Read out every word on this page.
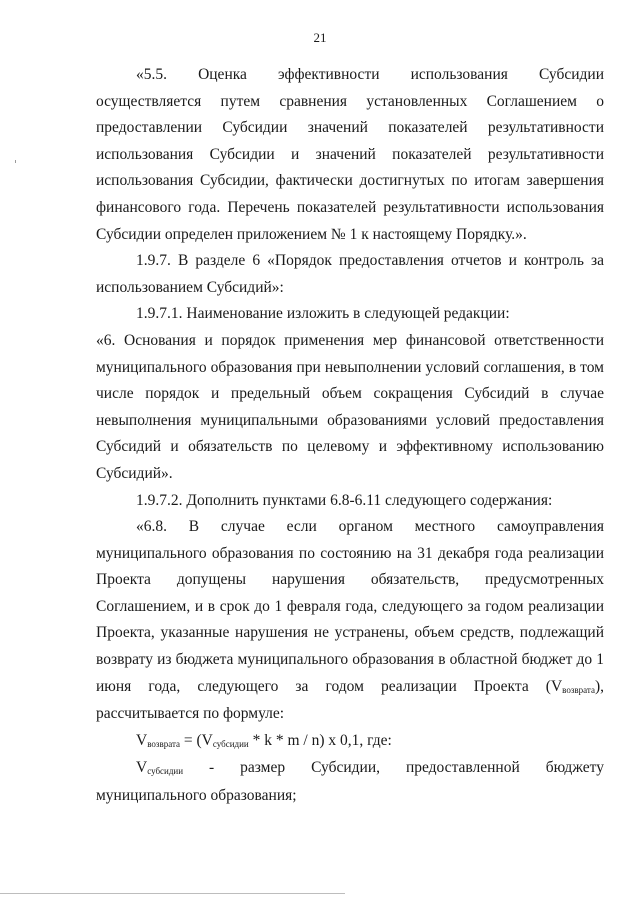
21

«5.5. Оценка эффективности использования Субсидии осуществляется путем сравнения установленных Соглашением о предоставлении Субсидии значений показателей результативности использования Субсидии и значений показателей результативности использования Субсидии, фактически достигнутых по итогам завершения финансового года. Перечень показателей результативности использования Субсидии определен приложением № 1 к настоящему Порядку.».

1.9.7. В разделе 6 «Порядок предоставления отчетов и контроль за использованием Субсидий»:

1.9.7.1. Наименование изложить в следующей редакции:

«6. Основания и порядок применения мер финансовой ответственности муниципального образования при невыполнении условий соглашения, в том числе порядок и предельный объем сокращения Субсидий в случае невыполнения муниципальными образованиями условий предоставления Субсидий и обязательств по целевому и эффективному использованию Субсидий».

1.9.7.2. Дополнить пунктами 6.8-6.11 следующего содержания:

«6.8. В случае если органом местного самоуправления муниципального образования по состоянию на 31 декабря года реализации Проекта допущены нарушения обязательств, предусмотренных Соглашением, и в срок до 1 февраля года, следующего за годом реализации Проекта, указанные нарушения не устранены, объем средств, подлежащий возврату из бюджета муниципального образования в областной бюджет до 1 июня года, следующего за годом реализации Проекта $(V_{возврата})$, рассчитывается по формуле:

$V_{возврата} = (V_{субсидии} * k * m / n)$ x 0,1, где:

$V_{субсидии}$ - размер Субсидии, предоставленной бюджету муниципального образования;
